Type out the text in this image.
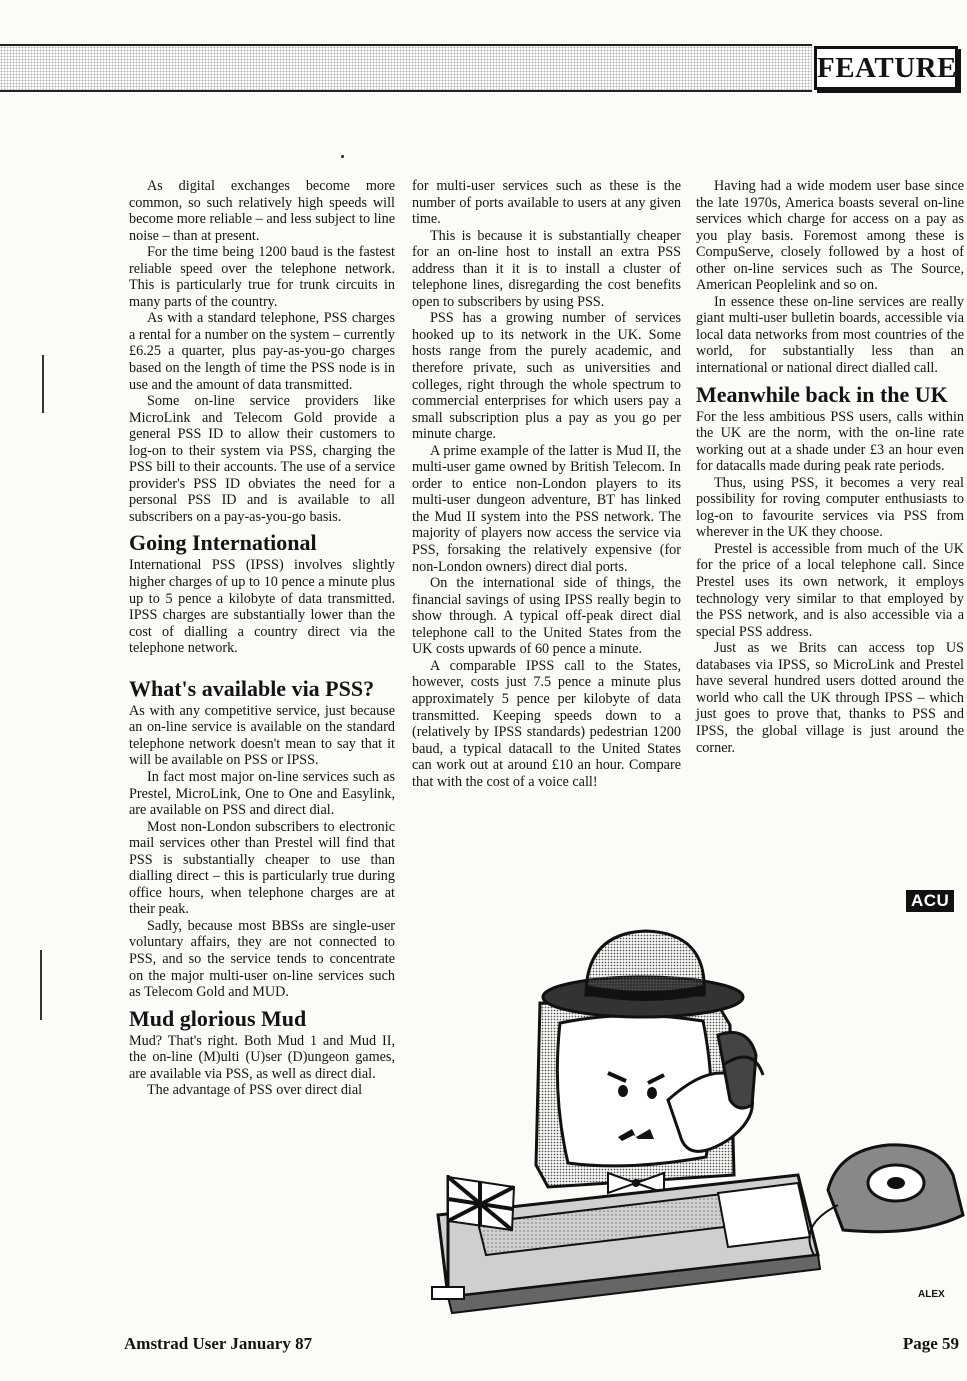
FEATURE

As digital exchanges become more common, so such relatively high speeds will become more reliable – and less subject to line noise – than at present.

For the time being 1200 baud is the fastest reliable speed over the telephone network. This is particularly true for trunk circuits in many parts of the country.

As with a standard telephone, PSS charges a rental for a number on the system – currently £6.25 a quarter, plus pay-as-you-go charges based on the length of time the PSS node is in use and the amount of data transmitted.

Some on-line service providers like MicroLink and Telecom Gold provide a general PSS ID to allow their customers to log-on to their system via PSS, charging the PSS bill to their accounts. The use of a service provider's PSS ID obviates the need for a personal PSS ID and is available to all subscribers on a pay-as-you-go basis.

Going International

International PSS (IPSS) involves slightly higher charges of up to 10 pence a minute plus up to 5 pence a kilobyte of data transmitted. IPSS charges are substantially lower than the cost of dialling a country direct via the telephone network.

What's available via PSS?

As with any competitive service, just because an on-line service is available on the standard telephone network doesn't mean to say that it will be available on PSS or IPSS.

In fact most major on-line services such as Prestel, MicroLink, One to One and Easylink, are available on PSS and direct dial.

Most non-London subscribers to electronic mail services other than Prestel will find that PSS is substantially cheaper to use than dialling direct – this is particularly true during office hours, when telephone charges are at their peak.

Sadly, because most BBSs are single-user voluntary affairs, they are not connected to PSS, and so the service tends to concentrate on the major multi-user on-line services such as Telecom Gold and MUD.

Mud glorious Mud

Mud? That's right. Both Mud 1 and Mud II, the on-line (M)ulti (U)ser (D)ungeon games, are available via PSS, as well as direct dial.

The advantage of PSS over direct dial

for multi-user services such as these is the number of ports available to users at any given time.

This is because it is substantially cheaper for an on-line host to install an extra PSS address than it it is to install a cluster of telephone lines, disregarding the cost benefits open to subscribers by using PSS.

PSS has a growing number of services hooked up to its network in the UK. Some hosts range from the purely academic, and therefore private, such as universities and colleges, right through the whole spectrum to commercial enterprises for which users pay a small subscription plus a pay as you go per minute charge.

A prime example of the latter is Mud II, the multi-user game owned by British Telecom. In order to entice non-London players to its multi-user dungeon adventure, BT has linked the Mud II system into the PSS network. The majority of players now access the service via PSS, forsaking the relatively expensive (for non-London owners) direct dial ports.

On the international side of things, the financial savings of using IPSS really begin to show through. A typical off-peak direct dial telephone call to the United States from the UK costs upwards of 60 pence a minute.

A comparable IPSS call to the States, however, costs just 7.5 pence a minute plus approximately 5 pence per kilobyte of data transmitted. Keeping speeds down to a (relatively by IPSS standards) pedestrian 1200 baud, a typical datacall to the United States can work out at around £10 an hour. Compare that with the cost of a voice call!

Having had a wide modem user base since the late 1970s, America boasts several on-line services which charge for access on a pay as you play basis. Foremost among these is CompuServe, closely followed by a host of other on-line services such as The Source, American Peoplelink and so on.

In essence these on-line services are really giant multi-user bulletin boards, accessible via local data networks from most countries of the world, for substantially less than an international or national direct dialled call.

Meanwhile back in the UK

For the less ambitious PSS users, calls within the UK are the norm, with the on-line rate working out at a shade under £3 an hour even for datacalls made during peak rate periods.

Thus, using PSS, it becomes a very real possibility for roving computer enthusiasts to log-on to favourite services via PSS from wherever in the UK they choose.

Prestel is accessible from much of the UK for the price of a local telephone call. Since Prestel uses its own network, it employs technology very similar to that employed by the PSS network, and is also accessible via a special PSS address.

Just as we Brits can access top US databases via IPSS, so MicroLink and Prestel have several hundred users dotted around the world who call the UK through IPSS – which just goes to prove that, thanks to PSS and IPSS, the global village is just around the corner.

ACU
ALEX
Amstrad User January 87	Page 59
